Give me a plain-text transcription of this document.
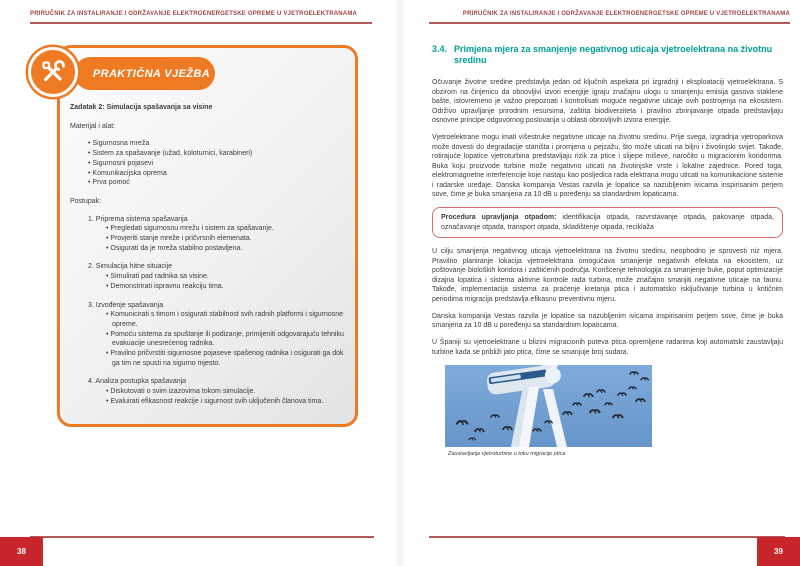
PRIRUČNIK ZA INSTALIRANJE I ODRŽAVANJE ELEKTROENERGETSKE OPREME U VJETROELEKTRANAMA
Zadatak 2: Simulacija spašavanja sa visine
Materijal i alat:
• Sigurnosna mreža
• Sistem za spašavanje (užad, koloturnici, karabineri)
• Sigurnosni pojasevi
• Komunikacijska oprema
• Prva pomoć
Postupak:
1. Priprema sistema spašavanja
• Pregledati sigurnosnu mrežu i sistem za spašavanje.
• Provjeriti stanje mreže i pričvrsnih elemenata.
• Osigurati da je mreža stabilno postavljena.
2. Simulacija hitne situacije
• Simulirati pad radnika sa visine.
• Demonstrirati ispravnu reakciju tima.
3. Izvođenje spašavanja
• Komunicirati s timom i osigurati stabilnost svih radnih platformi i sigurnosne opreme.
• Pomoću sistema za spuštanje ili podizanje, primijeniti odgovarajuću tehniku evakuacije unesrećenog radnika.
• Pravilno pričvrstiti sigurnosne pojaseve spašenog radnika i osigurati ga dok ga tim ne spusti na sigurno mjesto.
4. Analiza postupka spašavanja
• Diskutovati o svim izazovima tokom simulacije.
• Evaluirati efikasnost reakcije i sigurnost svih uključenih članova tima.
PRAKTIČNA VJEŽBA
38
PRIRUČNIK ZA INSTALIRANJE I ODRŽAVANJE ELEKTROENERGETSKE OPREME U VJETROELEKTRANAMA
3.4. Primjena mjera za smanjenje negativnog uticaja vjetroelektrana na životnu sredinu

Očuvanje životne sredine predstavlja jedan od ključnih aspekata pri izgradnji i eksploataciji vjetroelektrana. S obzirom na činjenicu da obnovljivi izvori energije igraju značajnu ulogu u smanjenju emisija gasova staklene bašte, istovremeno je važno prepoznati i kontrolisati moguće negativne uticaje ovih postrojenja na ekosistem. Održivo upravljanje prirodnim resursima, zaštita biodiverziteta i pravilno zbrinjavanje otpada predstavljaju osnovne principe odgovornog poslovanja u oblasti obnovljivih izvora energije.

Vjetroelektrane mogu imati višestruke negativne uticaje na životnu sredinu. Prije svega, izgradnja vjetroparkova može dovesti do degradacije staništa i promjena u pejzažu, što može uticati na biljni i životinjski svijet. Takođe, rotirajuće lopatice vjetroturbina predstavljaju rizik za ptice i slijepe miševe, naročito u migracionim koridorima. Buka koju proizvode turbine može negativno uticati na životinjske vrste i lokalne zajednice. Pored toga, elektromagnetne interferencije koje nastaju kao posljedica rada elektrana mogu uticati na komunikacione sisteme i radarske uređaje. Danska kompanija Vestas razvila je lopatice sa nazubljenim ivicama inspirisanim perjem sove, čime je buka smanjena za 10 dB u poređenju sa standardnim lopaticama.

Procedura upravljanja otpadom: identifikacija otpada, razvrstavanje otpada, pakovanje otpada, označavanje otpada, transport otpada, skladištenje otpada, reciklaža

U cilju smanjenja negativnog uticaja vjetroelektrana na životnu sredinu, neophodno je sprovesti niz mjera. Pravilno planiranje lokacija vjetroelektrana omogućava smanjenje negativnih efekata na ekosistem, uz poštovanje bioloških koridora i zaštićenih područja. Korišćenje tehnologija za smanjenje buke, poput optimizacije dizajna lopatica i sistema aktivne kontrole rada turbina, može značajno smanjiti negativne uticaje na faunu. Takođe, implementacija sistema za praćenje kretanja ptica i automatsko isključivanje turbina u kritičnim periodima migracija predstavlja efikasnu preventivnu mjeru.

Danska kompanija Vestas razvila je lopatice sa nazubljenim ivicama inspirisanim perjem sove, čime je buka smanjena za 10 dB u poređenju sa standardnim lopaticama.

U Španiji su vjetroelektrane u blizini migracionih puteva ptica opremljene radarima koji automatski zaustavljaju turbine kada se približi jato ptica, čime se smanjuje broj sudara.

Zaustavljanje vjetroturbine u toku migracije ptica
39
